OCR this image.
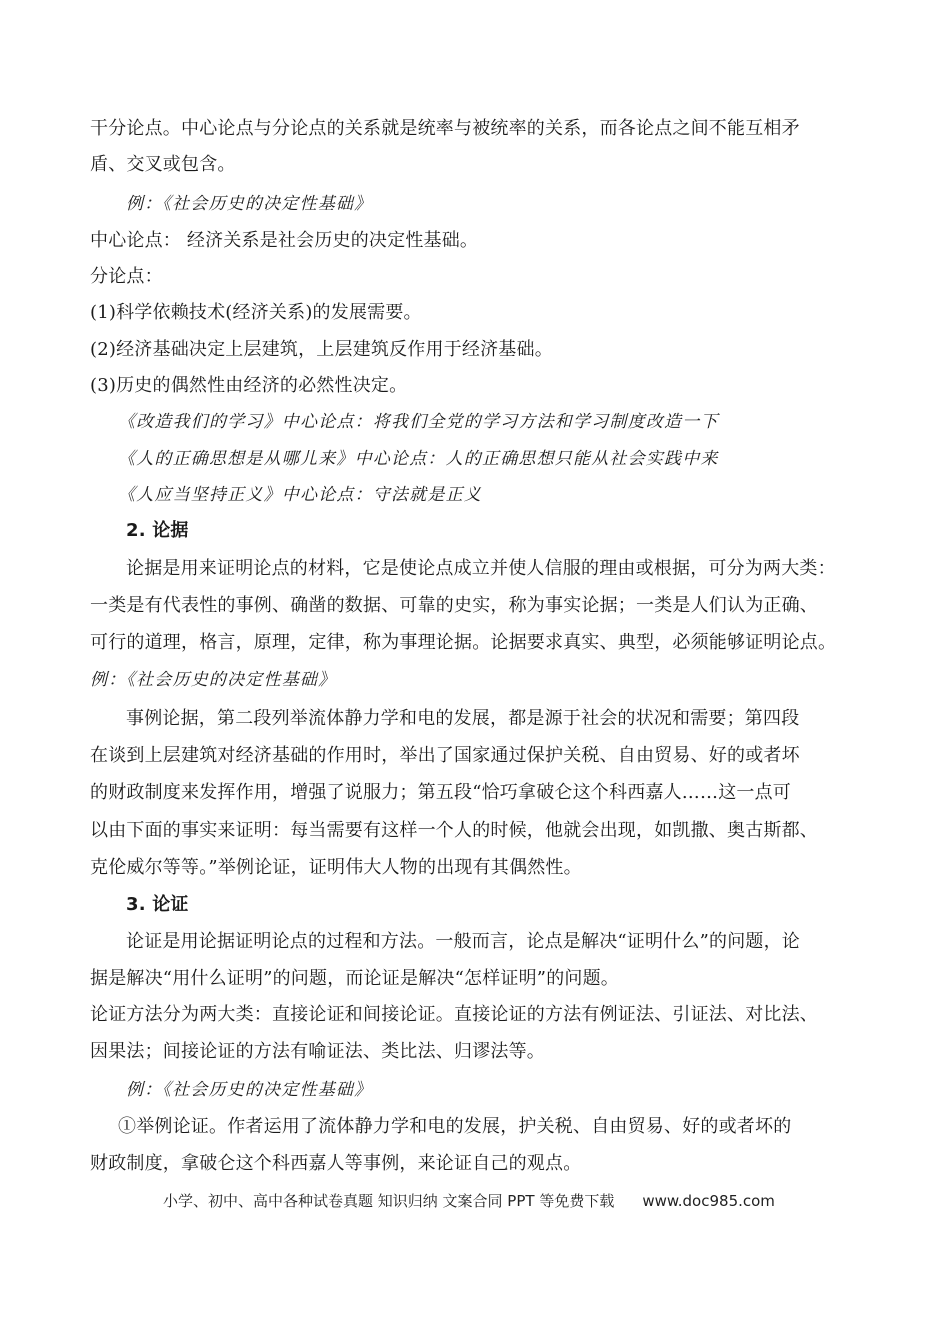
干分论点。中心论点与分论点的关系就是统率与被统率的关系，而各论点之间不能互相矛
盾、交叉或包含。
例：《社会历史的决定性基础》
中心论点： 经济关系是社会历史的决定性基础。
分论点：
(1)科学依赖技术(经济关系)的发展需要。
(2)经济基础决定上层建筑，上层建筑反作用于经济基础。
(3)历史的偶然性由经济的必然性决定。
《改造我们的学习》中心论点：将我们全党的学习方法和学习制度改造一下
《人的正确思想是从哪儿来》中心论点：人的正确思想只能从社会实践中来
《人应当坚持正义》中心论点：守法就是正义
2. 论据
论据是用来证明论点的材料，它是使论点成立并使人信服的理由或根据，可分为两大类：
一类是有代表性的事例、确凿的数据、可靠的史实，称为事实论据；一类是人们认为正确、
可行的道理，格言，原理，定律，称为事理论据。论据要求真实、典型，必须能够证明论点。
例：《社会历史的决定性基础》
事例论据，第二段列举流体静力学和电的发展，都是源于社会的状况和需要；第四段
在谈到上层建筑对经济基础的作用时，举出了国家通过保护关税、自由贸易、好的或者坏
的财政制度来发挥作用，增强了说服力；第五段“恰巧拿破仑这个科西嘉人……这一点可
以由下面的事实来证明：每当需要有这样一个人的时候，他就会出现，如凯撒、奥古斯都、
克伦威尔等等。”举例论证，证明伟大人物的出现有其偶然性。
3. 论证
论证是用论据证明论点的过程和方法。一般而言，论点是解决“证明什么”的问题，论
据是解决“用什么证明”的问题，而论证是解决“怎样证明”的问题。
论证方法分为两大类：直接论证和间接论证。直接论证的方法有例证法、引证法、对比法、
因果法；间接论证的方法有喻证法、类比法、归谬法等。
例：《社会历史的决定性基础》
①举例论证。作者运用了流体静力学和电的发展，护关税、自由贸易、好的或者坏的
财政制度，拿破仑这个科西嘉人等事例，来论证自己的观点。
小学、初中、高中各种试卷真题 知识归纳 文案合同 PPT 等免费下载 www.doc985.com
